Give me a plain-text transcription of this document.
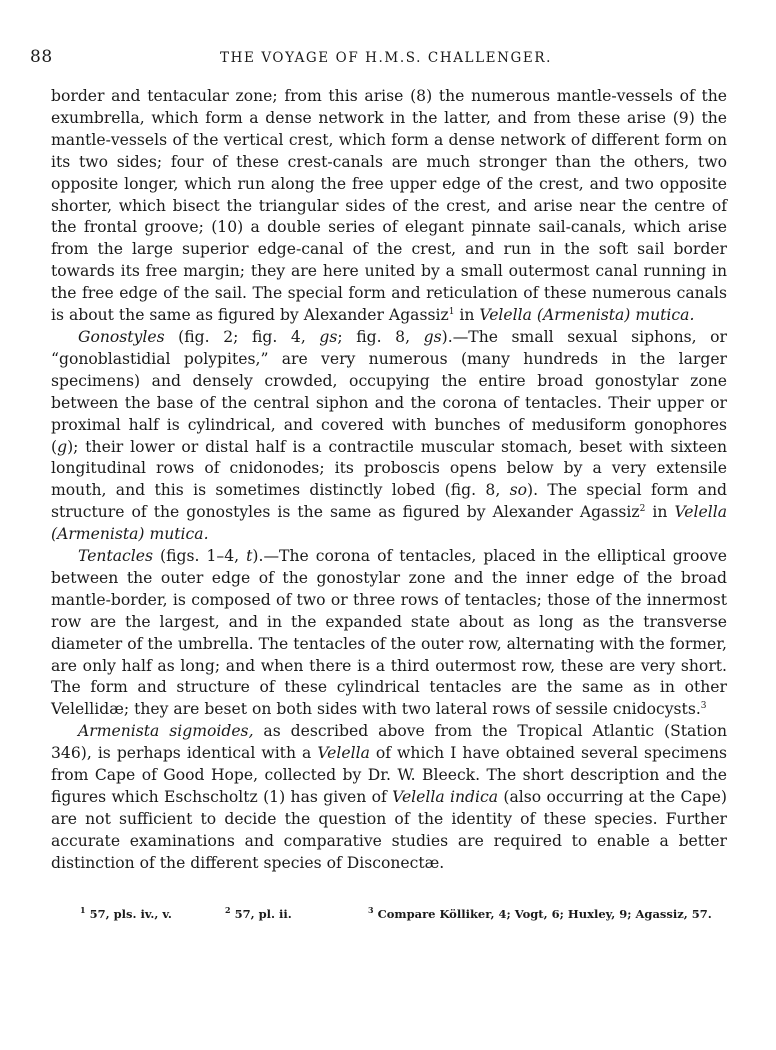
88	THE VOYAGE OF H.M.S. CHALLENGER.

border and tentacular zone; from this arise (8) the numerous mantle-vessels of the exumbrella, which form a dense network in the latter, and from these arise (9) the mantle-vessels of the vertical crest, which form a dense network of different form on its two sides; four of these crest-canals are much stronger than the others, two opposite longer, which run along the free upper edge of the crest, and two opposite shorter, which bisect the triangular sides of the crest, and arise near the centre of the frontal groove; (10) a double series of elegant pinnate sail-canals, which arise from the large superior edge-canal of the crest, and run in the soft sail border towards its free margin; they are here united by a small outermost canal running in the free edge of the sail. The special form and reticulation of these numerous canals is about the same as figured by Alexander Agassiz$^1$ in Velella (Armenista) mutica.

Gonostyles (fig. 2; fig. 4, gs; fig. 8, gs).—The small sexual siphons, or “gonoblastidial polypites,” are very numerous (many hundreds in the larger specimens) and densely crowded, occupying the entire broad gonostylar zone between the base of the central siphon and the corona of tentacles. Their upper or proximal half is cylindrical, and covered with bunches of medusiform gonophores (g); their lower or distal half is a contractile muscular stomach, beset with sixteen longitudinal rows of cnidonodes; its proboscis opens below by a very extensile mouth, and this is sometimes distinctly lobed (fig. 8, so). The special form and structure of the gonostyles is the same as figured by Alexander Agassiz$^2$ in Velella (Armenista) mutica.

Tentacles (figs. 1–4, t).—The corona of tentacles, placed in the elliptical groove between the outer edge of the gonostylar zone and the inner edge of the broad mantle-border, is composed of two or three rows of tentacles; those of the innermost row are the largest, and in the expanded state about as long as the transverse diameter of the umbrella. The tentacles of the outer row, alternating with the former, are only half as long; and when there is a third outermost row, these are very short. The form and structure of these cylindrical tentacles are the same as in other Velellidæ; they are beset on both sides with two lateral rows of sessile cnidocysts.$^3$

Armenista sigmoides, as described above from the Tropical Atlantic (Station 346), is perhaps identical with a Velella of which I have obtained several specimens from Cape of Good Hope, collected by Dr. W. Bleeck. The short description and the figures which Eschscholtz (1) has given of Velella indica (also occurring at the Cape) are not sufficient to decide the question of the identity of these species. Further accurate examinations and comparative studies are required to enable a better distinction of the different species of Disconectæ.

$^1$ 57, pls. iv., v.	$^2$ 57, pl. ii.	$^3$ Compare Kölliker, 4; Vogt, 6; Huxley, 9; Agassiz, 57.
